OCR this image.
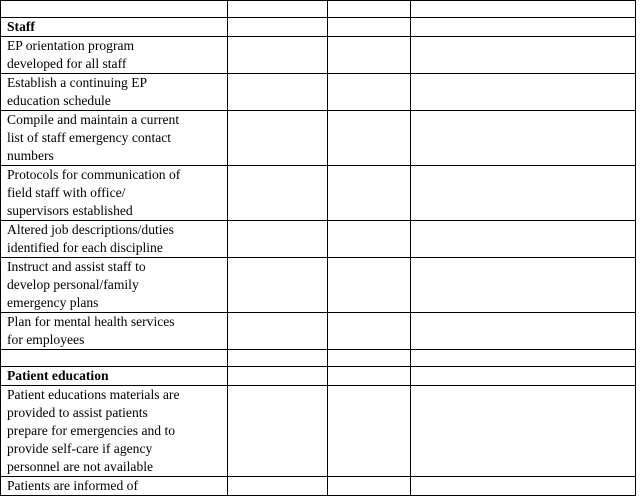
Staff			

EP orientation program
developed for all staff			

Establish a continuing EP
education schedule			

Compile and maintain a current
list of staff emergency contact
numbers			

Protocols for communication of
field staff with office/
supervisors established			

Altered job descriptions/duties
identified for each discipline			

Instruct and assist staff to
develop personal/family
emergency plans			

Plan for mental health services
for employees			

Patient education			

Patient educations materials are
provided to assist patients
prepare for emergencies and to
provide self-care if agency
personnel are not available			

Patients are informed of			
